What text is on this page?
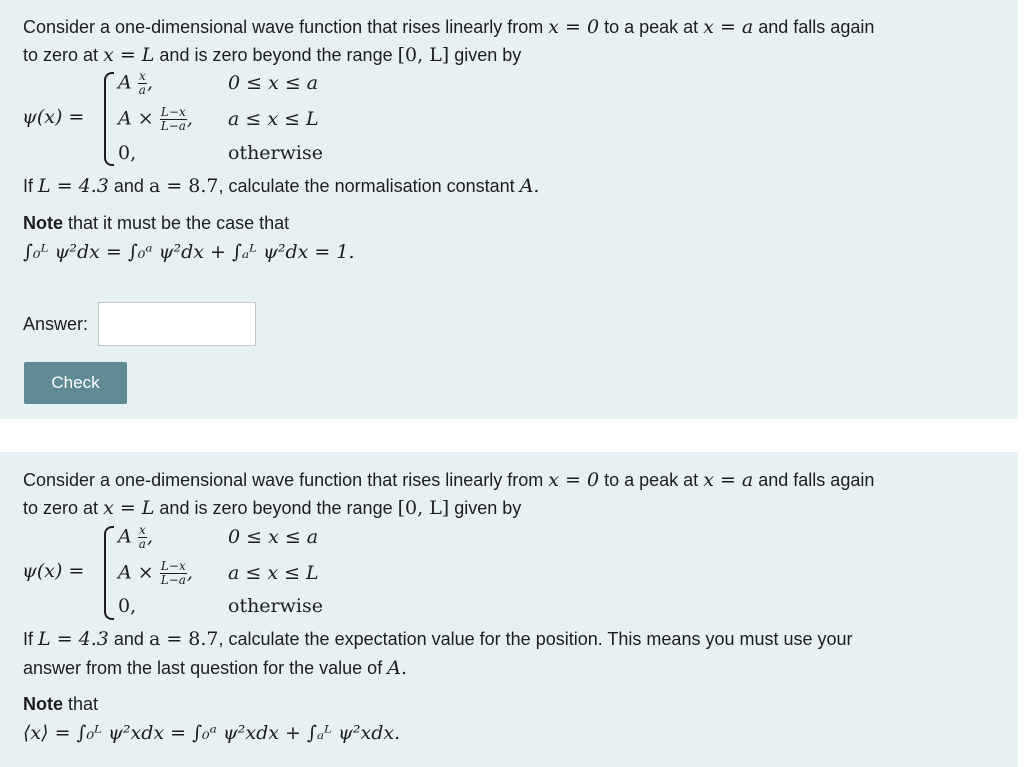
Consider a one-dimensional wave function that rises linearly from x = 0 to a peak at x = a and falls again
to zero at x = L and is zero beyond the range [0, L] given by
ψ(x) =
A $\frac{x}{a}$ ,	0 ≤ x ≤ a
$A \times \frac{L-x}{L-a}$ , a ≤ x ≤ L
0,	otherwise
If L = 4.3 and a = 8.7, calculate the normalisation constant A.
Note that it must be the case that
∫₀ᴸ ψ²dx = ∫₀ᵃ ψ²dx + ∫ₐᴸ ψ²dx = 1.
Answer:
Check
Consider a one-dimensional wave function that rises linearly from x = 0 to a peak at x = a and falls again
to zero at x = L and is zero beyond the range [0, L] given by
ψ(x) =
A $\frac{x}{a}$ ,	0 ≤ x ≤ a
$A \times \frac{L-x}{L-a}$ , a ≤ x ≤ L
0,	otherwise
If L = 4.3 and a = 8.7, calculate the expectation value for the position. This means you must use your
answer from the last question for the value of A.
Note that
⟨x⟩ = ∫₀ᴸ ψ²xdx = ∫₀ᵃ ψ²xdx + ∫ₐᴸ ψ²xdx.
